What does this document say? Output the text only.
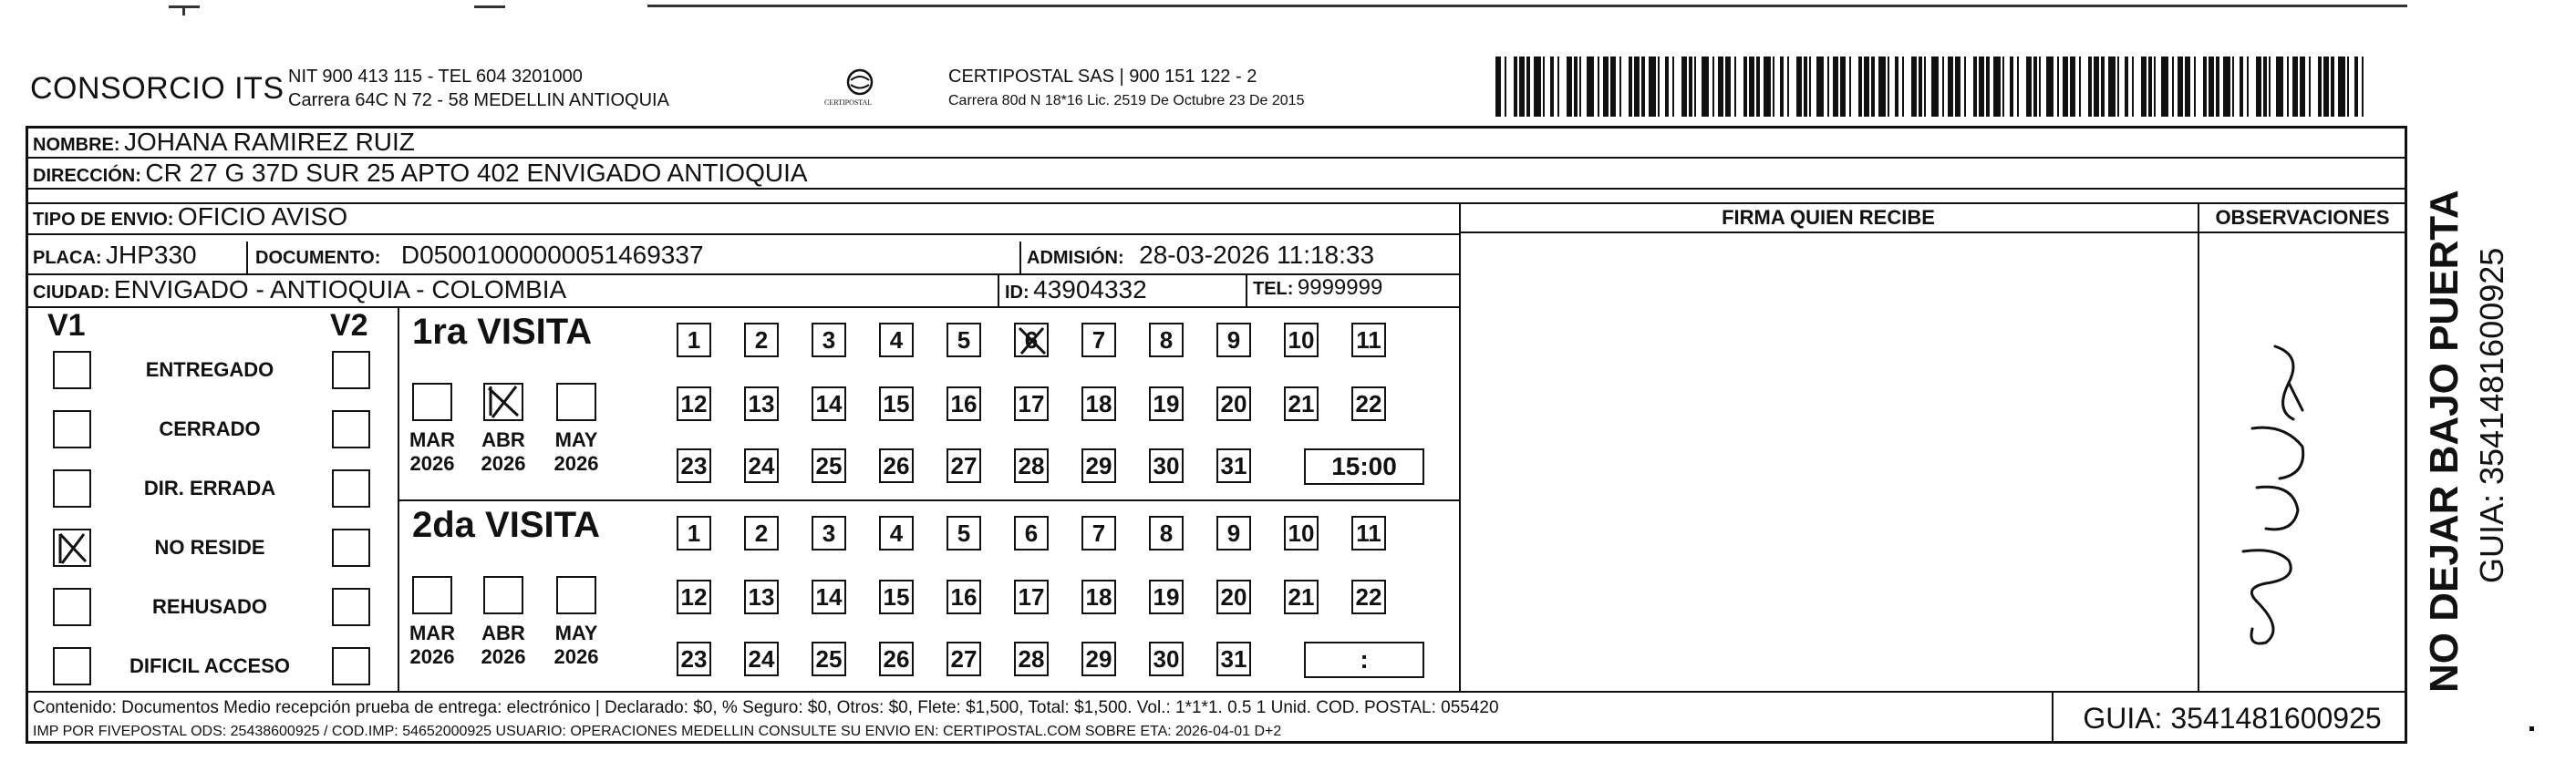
CONSORCIO ITS NIT 900 413 115 - TEL 604 3201000
Carrera 64C N 72 - 58 MEDELLIN ANTIOQUIA	CERTIPOSTAL
CERTIPOSTAL SAS | 900 151 122 - 2
Carrera 80d N 18*16 Lic. 2519 De Octubre 23 De 2015
NOMBRE: JOHANA RAMIREZ RUIZ
DIRECCIÓN: CR 27 G 37D SUR 25 APTO 402 ENVIGADO ANTIOQUIA
TIPO DE ENVIO: OFICIO AVISO
PLACA: JHP330	DOCUMENTO: D05001000000051469337	ADMISIÓN: 28-03-2026 11:18:33
CIUDAD: ENVIGADO - ANTIOQUIA - COLOMBIA	ID: 43904332	TEL: 9999999
FIRMA QUIEN RECIBE	OBSERVACIONES
V1	V2
ENTREGADO
CERRADO
DIR. ERRADA
NO RESIDE
REHUSADO
DIFICIL ACCESO
1ra VISITA
MAR
2026
ABR
2026
MAY
2026
1 2 3 4 5 6 7 8 9 10 11
12 13 14 15 16 17 18 19 20 21 22
23 24 25 26 27 28 29 30 31	15:00
2da VISITA
MAR
2026
ABR
2026
MAY
2026
1 2 3 4 5 6 7 8 9 10 11
12 13 14 15 16 17 18 19 20 21 22
23 24 25 26 27 28 29 30 31	:	NO DEJAR BAJO PUERTA GUIA: 3541481600925
Contenido: Documentos Medio recepción prueba de entrega: electrónico | Declarado: $0, % Seguro: $0, Otros: $0, Flete: $1,500, Total: $1,500. Vol.: 1*1*1. 0.5 1 Unid. COD. POSTAL: 055420
IMP POR FIVEPOSTAL ODS: 25438600925 / COD.IMP: 54652000925 USUARIO: OPERACIONES MEDELLIN CONSULTE SU ENVIO EN: CERTIPOSTAL.COM SOBRE ETA: 2026-04-01 D+2	GUIA: 3541481600925
